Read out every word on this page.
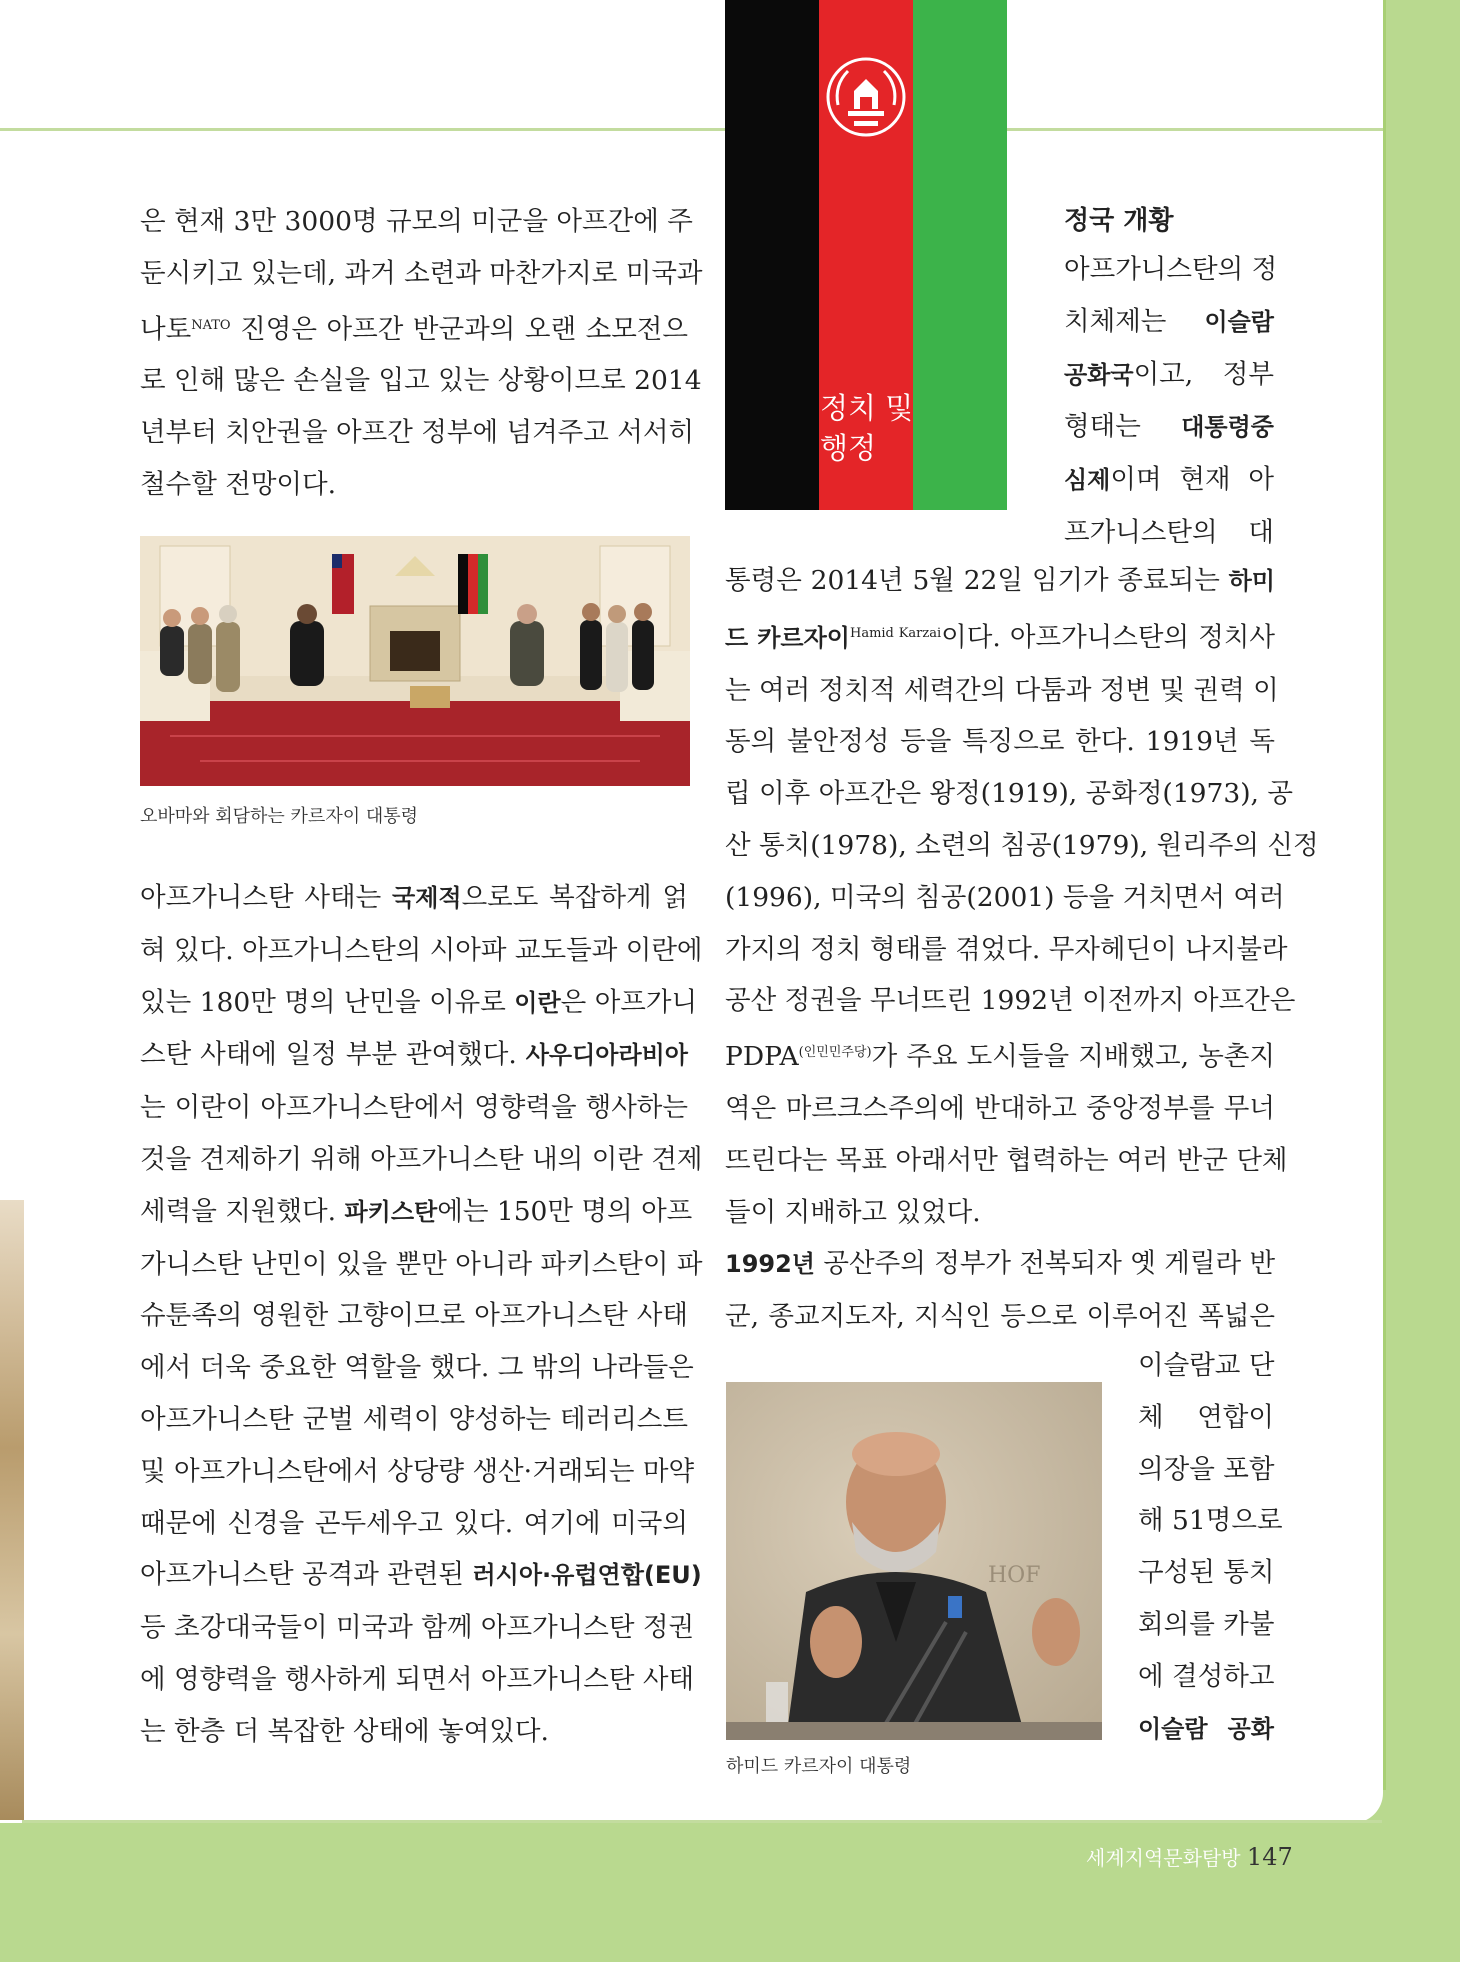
정치 및
행정
은 현재 3만 3000명 규모의 미군을 아프간에 주
둔시키고 있는데, 과거 소련과 마찬가지로 미국과
나토$^{NATO}$ 진영은 아프간 반군과의 오랜 소모전으
로 인해 많은 손실을 입고 있는 상황이므로 2014
년부터 치안권을 아프간 정부에 넘겨주고 서서히
철수할 전망이다.
오바마와 회담하는 카르자이 대통령
아프가니스탄 사태는 국제적으로도 복잡하게 얽
혀 있다. 아프가니스탄의 시아파 교도들과 이란에
있는 180만 명의 난민을 이유로 이란은 아프가니
스탄 사태에 일정 부분 관여했다. 사우디아라비아
는 이란이 아프가니스탄에서 영향력을 행사하는
것을 견제하기 위해 아프가니스탄 내의 이란 견제
세력을 지원했다. 파키스탄에는 150만 명의 아프
가니스탄 난민이 있을 뿐만 아니라 파키스탄이 파
슈툰족의 영원한 고향이므로 아프가니스탄 사태
에서 더욱 중요한 역할을 했다. 그 밖의 나라들은
아프가니스탄 군벌 세력이 양성하는 테러리스트
및 아프가니스탄에서 상당량 생산·거래되는 마약
때문에 신경을 곤두세우고 있다. 여기에 미국의
아프가니스탄 공격과 관련된 러시아·유럽연합(EU)
등 초강대국들이 미국과 함께 아프가니스탄 정권
에 영향력을 행사하게 되면서 아프가니스탄 사태
는 한층 더 복잡한 상태에 놓여있다.
정국 개황
아프가니스탄의 정
치체제는 이슬람
공화국이고, 정부
형태는 대통령중
심제이며 현재 아
프가니스탄의 대
통령은 2014년 5월 22일 임기가 종료되는 하미
드 카르자이$^{Hamid Karzai}$이다. 아프가니스탄의 정치사
는 여러 정치적 세력간의 다툼과 정변 및 권력 이
동의 불안정성 등을 특징으로 한다. 1919년 독
립 이후 아프간은 왕정(1919), 공화정(1973), 공
산 통치(1978), 소련의 침공(1979), 원리주의 신정
(1996), 미국의 침공(2001) 등을 거치면서 여러
가지의 정치 형태를 겪었다. 무자헤딘이 나지불라
공산 정권을 무너뜨린 1992년 이전까지 아프간은
$PDPA^{(인민민주당)}$가 주요 도시들을 지배했고, 농촌지
역은 마르크스주의에 반대하고 중앙정부를 무너
뜨린다는 목표 아래서만 협력하는 여러 반군 단체
들이 지배하고 있었다.
1992년 공산주의 정부가 전복되자 옛 게릴라 반
군, 종교지도자, 지식인 등으로 이루어진 폭넓은
HOF
하미드 카르자이 대통령
이슬람교 단
체 연합이
의장을 포함
해 51명으로
구성된 통치
회의를 카불
에 결성하고
이슬람 공화
세계지역문화탐방 147
